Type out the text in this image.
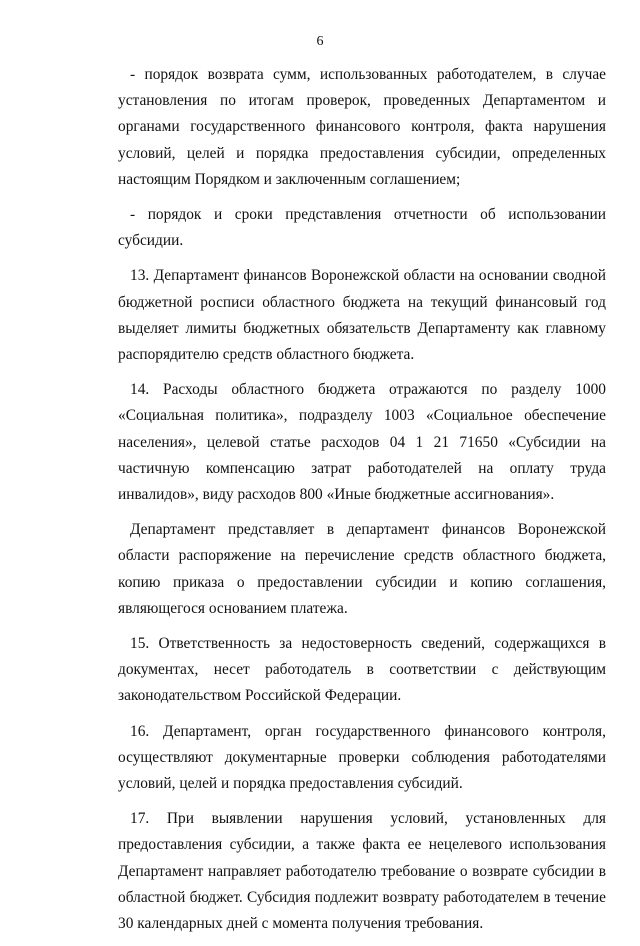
6

- порядок возврата сумм, использованных работодателем, в случае установления по итогам проверок, проведенных Департаментом и органами государственного финансового контроля, факта нарушения условий, целей и порядка предоставления субсидии, определенных настоящим Порядком и заключенным соглашением;

- порядок и сроки представления отчетности об использовании субсидии.

13. Департамент финансов Воронежской области на основании сводной бюджетной росписи областного бюджета на текущий финансовый год выделяет лимиты бюджетных обязательств Департаменту как главному распорядителю средств областного бюджета.

14. Расходы областного бюджета отражаются по разделу 1000 «Социальная политика», подразделу 1003 «Социальное обеспечение населения», целевой статье расходов 04 1 21 71650 «Субсидии на частичную компенсацию затрат работодателей на оплату труда инвалидов», виду расходов 800 «Иные бюджетные ассигнования».

Департамент представляет в департамент финансов Воронежской области распоряжение на перечисление средств областного бюджета, копию приказа о предоставлении субсидии и копию соглашения, являющегося основанием платежа.

15. Ответственность за недостоверность сведений, содержащихся в документах, несет работодатель в соответствии с действующим законодательством Российской Федерации.

16. Департамент, орган государственного финансового контроля, осуществляют документарные проверки соблюдения работодателями условий, целей и порядка предоставления субсидий.

17. При выявлении нарушения условий, установленных для предоставления субсидии, а также факта ее нецелевого использования Департамент направляет работодателю требование о возврате субсидии в областной бюджет. Субсидия подлежит возврату работодателем в течение 30 календарных дней с момента получения требования.
